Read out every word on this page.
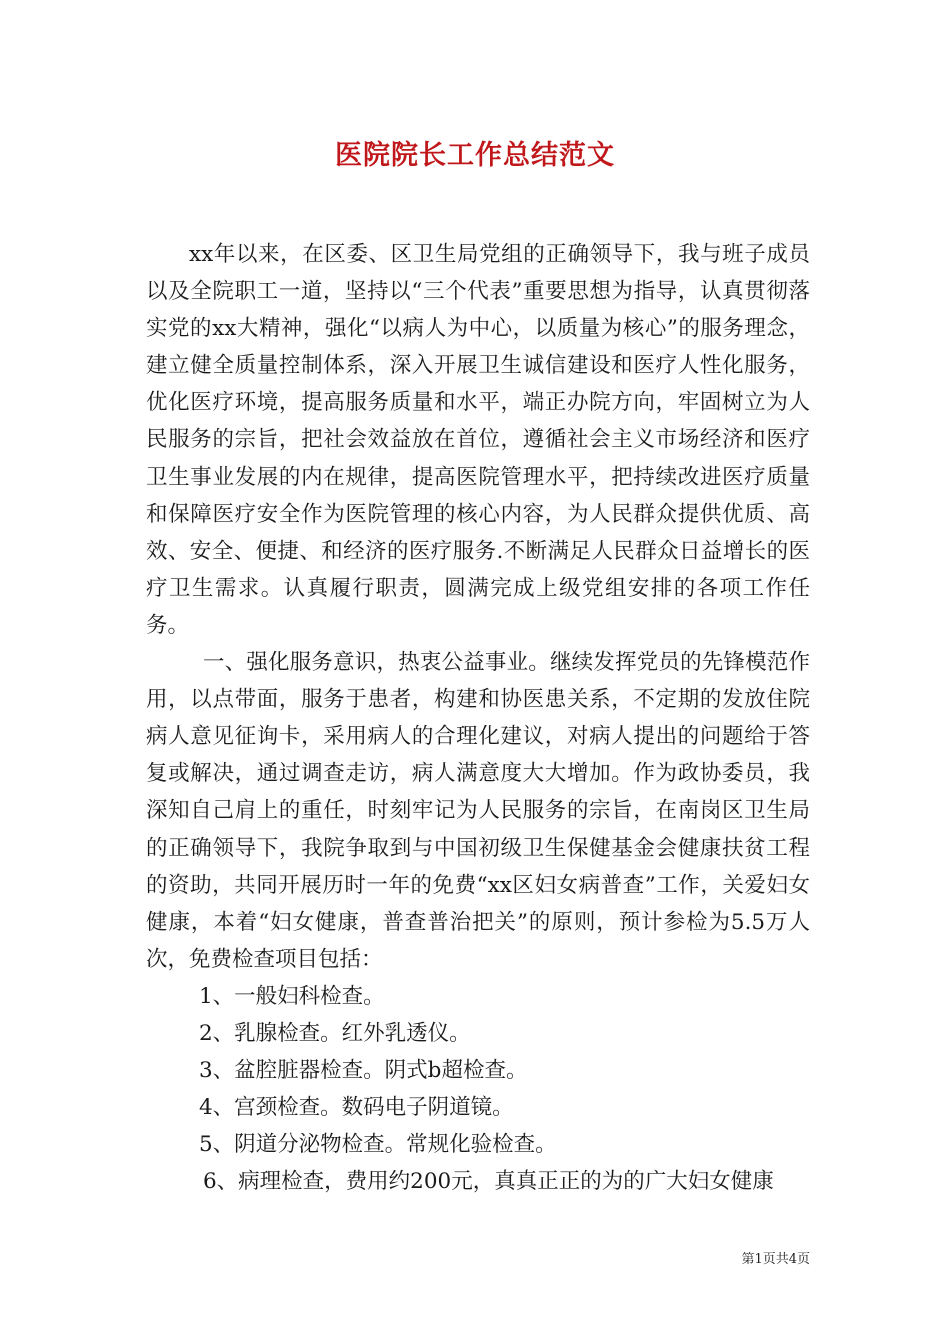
医院院长工作总结范文

xx年以来，在区委、区卫生局党组的正确领导下，我与班子成员以及全院职工一道，坚持以“三个代表”重要思想为指导，认真贯彻落实党的xx大精神，强化“以病人为中心，以质量为核心”的服务理念，建立健全质量控制体系，深入开展卫生诚信建设和医疗人性化服务，优化医疗环境，提高服务质量和水平，端正办院方向，牢固树立为人民服务的宗旨，把社会效益放在首位，遵循社会主义市场经济和医疗卫生事业发展的内在规律，提高医院管理水平，把持续改进医疗质量和保障医疗安全作为医院管理的核心内容，为人民群众提供优质、高效、安全、便捷、和经济的医疗服务.不断满足人民群众日益增长的医疗卫生需求。认真履行职责，圆满完成上级党组安排的各项工作任务。

一、强化服务意识，热衷公益事业。继续发挥党员的先锋模范作用，以点带面，服务于患者，构建和协医患关系，不定期的发放住院病人意见征询卡，采用病人的合理化建议，对病人提出的问题给于答复或解决，通过调查走访，病人满意度大大增加。作为政协委员，我深知自己肩上的重任，时刻牢记为人民服务的宗旨，在南岗区卫生局的正确领导下，我院争取到与中国初级卫生保健基金会健康扶贫工程的资助，共同开展历时一年的免费“xx区妇女病普查”工作，关爱妇女健康，本着“妇女健康，普查普治把关”的原则，预计参检为5.5万人次，免费检查项目包括：

1、一般妇科检查。

2、乳腺检查。红外乳透仪。

3、盆腔脏器检查。阴式b超检查。

4、宫颈检查。数码电子阴道镜。

5、阴道分泌物检查。常规化验检查。

6、病理检查，费用约200元，真真正正的为的广大妇女健康

第1页共4页
